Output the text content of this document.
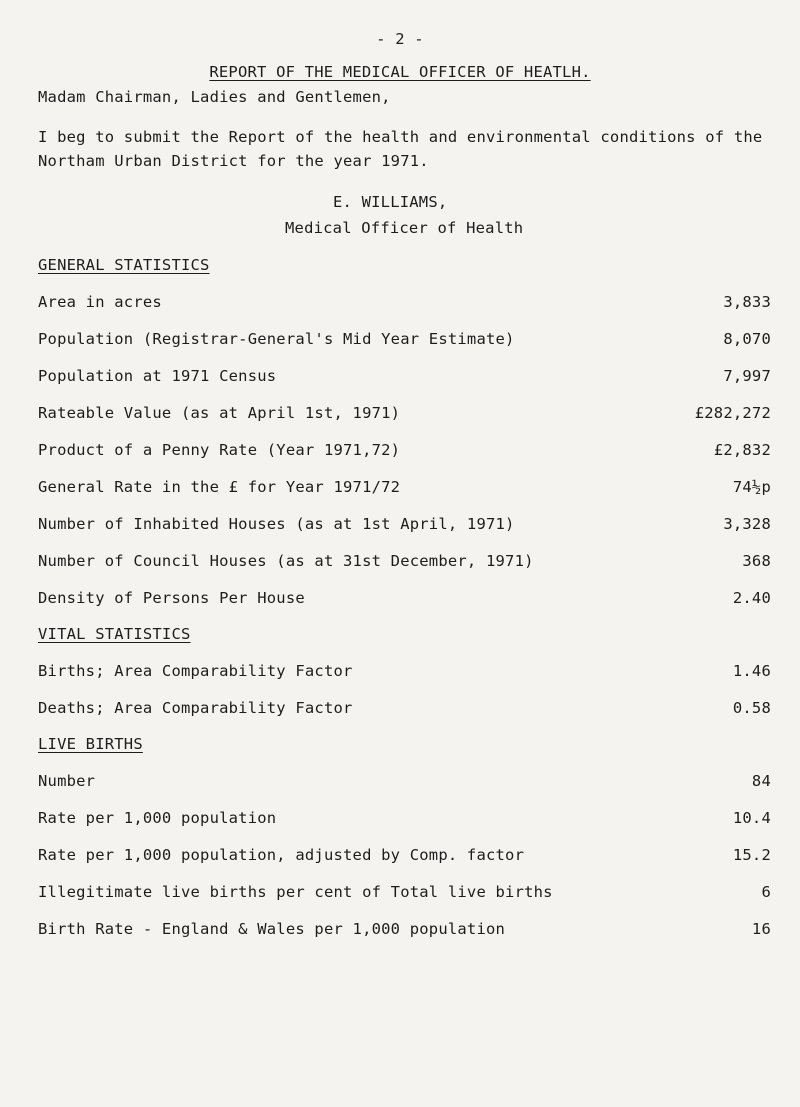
- 2 -
REPORT OF THE MEDICAL OFFICER OF HEATLH.
Madam Chairman, Ladies and Gentlemen,
I beg to submit the Report of the health and environmental conditions of the
Northam Urban District for the year 1971.
E. WILLIAMS,
Medical Officer of Health
GENERAL STATISTICS
Area in acres	3,833
Population (Registrar-General's Mid Year Estimate)	8,070
Population at 1971 Census	7,997
Rateable Value (as at April 1st, 1971)	£282,272
Product of a Penny Rate (Year 1971,72)	£2,832
General Rate in the £ for Year 1971/72	74½p
Number of Inhabited Houses (as at 1st April, 1971)	3,328
Number of Council Houses (as at 31st December, 1971)	368
Density of Persons Per House	2.40
VITAL STATISTICS
Births; Area Comparability Factor	1.46
Deaths; Area Comparability Factor	0.58
LIVE BIRTHS
Number	84
Rate per 1,000 population	10.4
Rate per 1,000 population, adjusted by Comp. factor	15.2
Illegitimate live births per cent of Total live births	6
Birth Rate - England & Wales per 1,000 population	16
